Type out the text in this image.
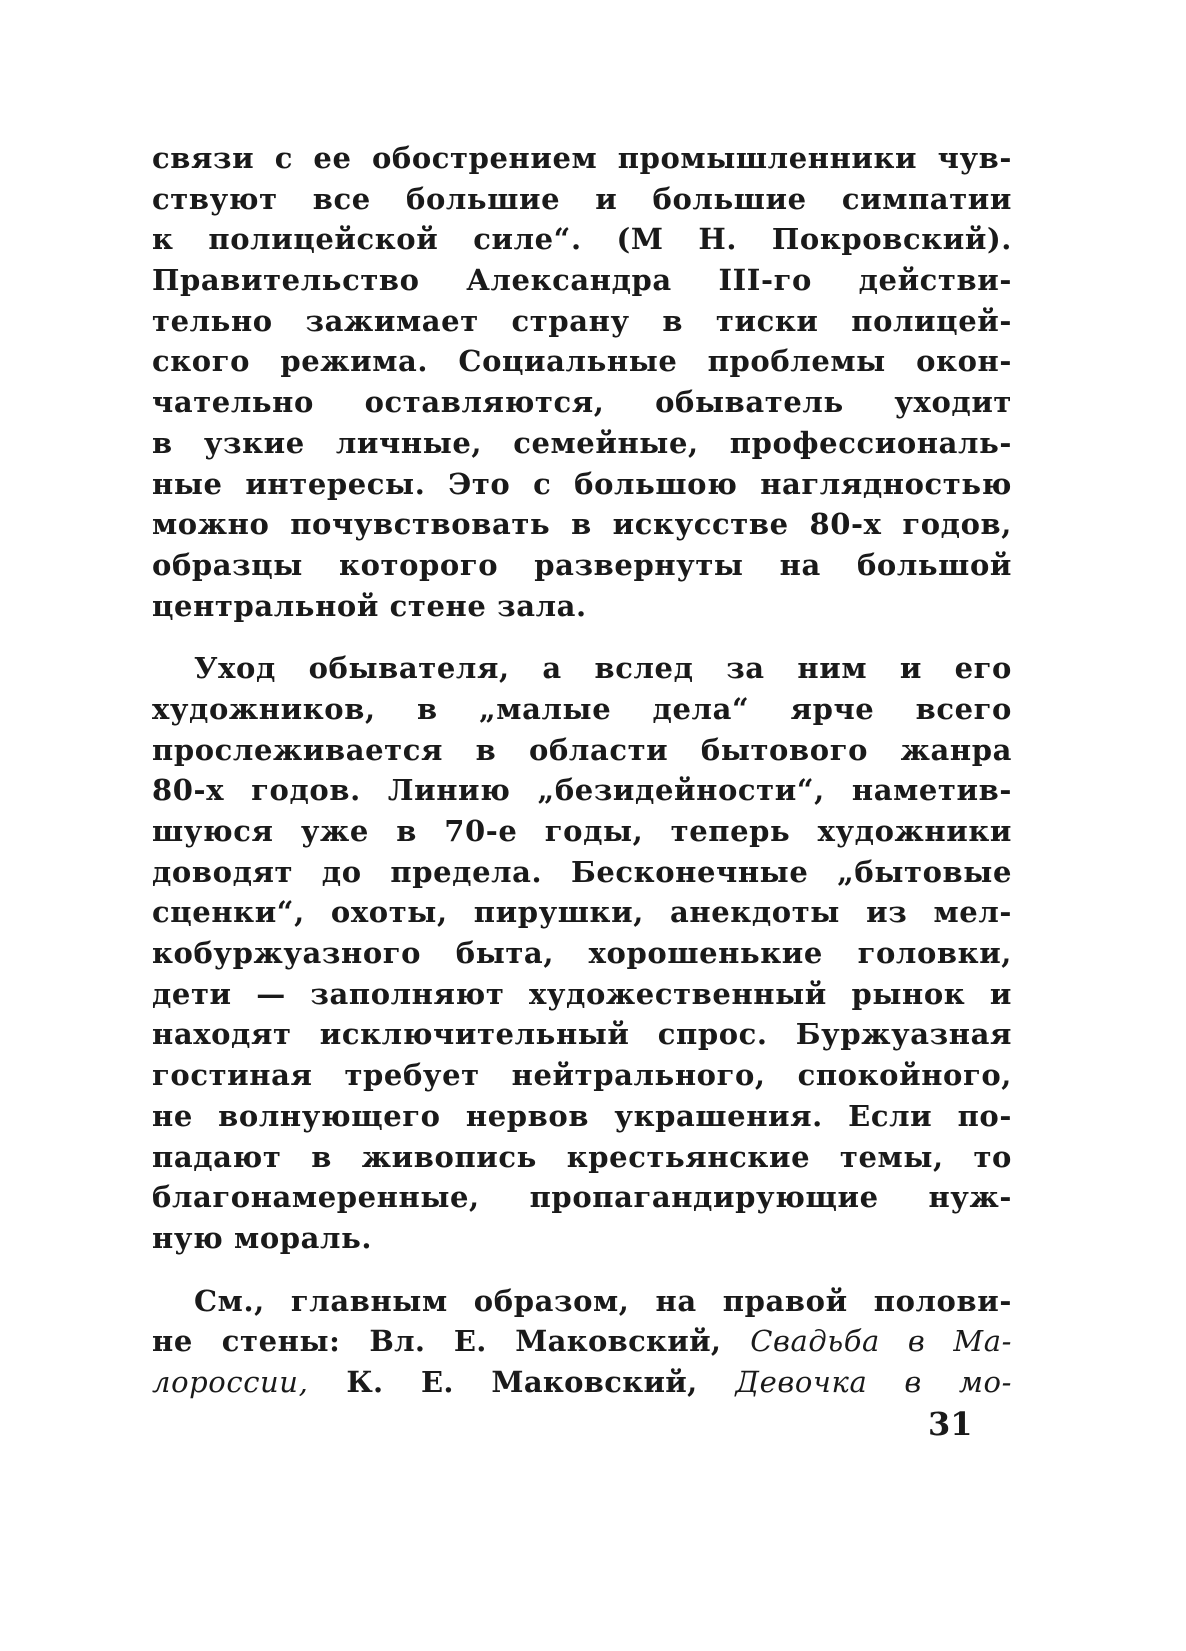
связи с ее обострением промышленники чув-
ствуют все большие и большие симпатии
к полицейской силе“. (М Н. Покровский).
Правительство Александра III-го действи-
тельно зажимает страну в тиски полицей-
ского режима. Социальные проблемы окон-
чательно оставляются, обыватель уходит
в узкие личные, семейные, профессиональ-
ные интересы. Это с большою наглядностью
можно почувствовать в искусстве 80-х годов,
образцы которого развернуты на большой
центральной стене зала.
Уход обывателя, а вслед за ним и его
художников, в „малые дела“ ярче всего
прослеживается в области бытового жанра
80-х годов. Линию „безидейности“, наметив-
шуюся уже в 70-е годы, теперь художники
доводят до предела. Бесконечные „бытовые
сценки“, охоты, пирушки, анекдоты из мел-
кобуржуазного быта, хорошенькие головки,
дети — заполняют художественный рынок и
находят исключительный спрос. Буржуазная
гостиная требует нейтрального, спокойного,
не волнующего нервов украшения. Если по-
падают в живопись крестьянские темы, то
благонамеренные, пропагандирующие нуж-
ную мораль.
См., главным образом, на правой полови-
не стены: Вл. Е. Маковский, Свадьба в Ма-
лороссии, К. Е. Маковский, Девочка в мо-
31
